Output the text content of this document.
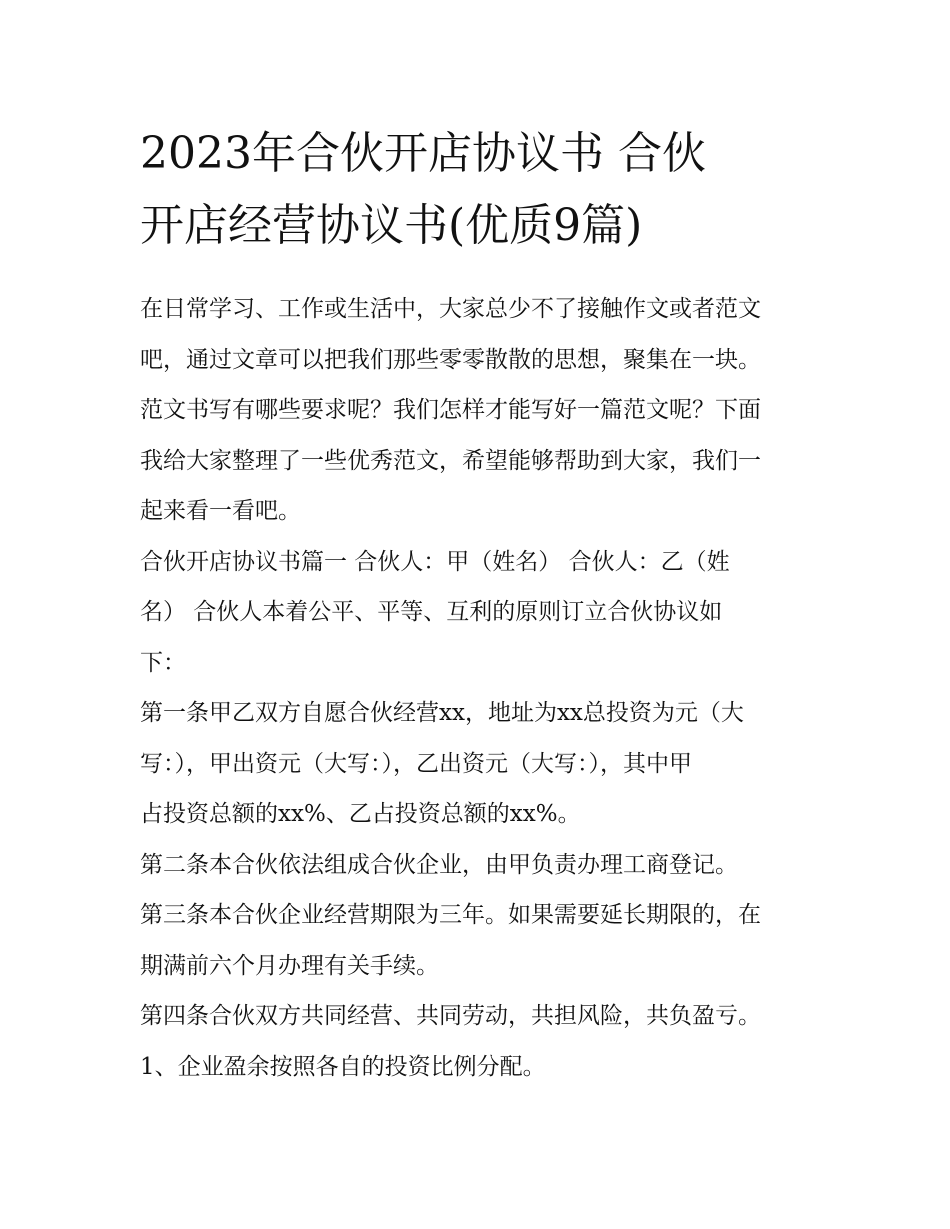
2023年合伙开店协议书 合伙
开店经营协议书(优质9篇)

在日常学习、工作或生活中，大家总少不了接触作文或者范文
吧，通过文章可以把我们那些零零散散的思想，聚集在一块。
范文书写有哪些要求呢？我们怎样才能写好一篇范文呢？下面
我给大家整理了一些优秀范文，希望能够帮助到大家，我们一
起来看一看吧。

合伙开店协议书篇一 合伙人：甲（姓名） 合伙人：乙（姓
名） 合伙人本着公平、平等、互利的原则订立合伙协议如
下：

第一条甲乙双方自愿合伙经营xx，地址为xx总投资为元（大
写：），甲出资元（大写：），乙出资元（大写：），其中甲
占投资总额的xx%、乙占投资总额的xx%。

第二条本合伙依法组成合伙企业，由甲负责办理工商登记。

第三条本合伙企业经营期限为三年。如果需要延长期限的，在
期满前六个月办理有关手续。

第四条合伙双方共同经营、共同劳动，共担风险，共负盈亏。

1、企业盈余按照各自的投资比例分配。
